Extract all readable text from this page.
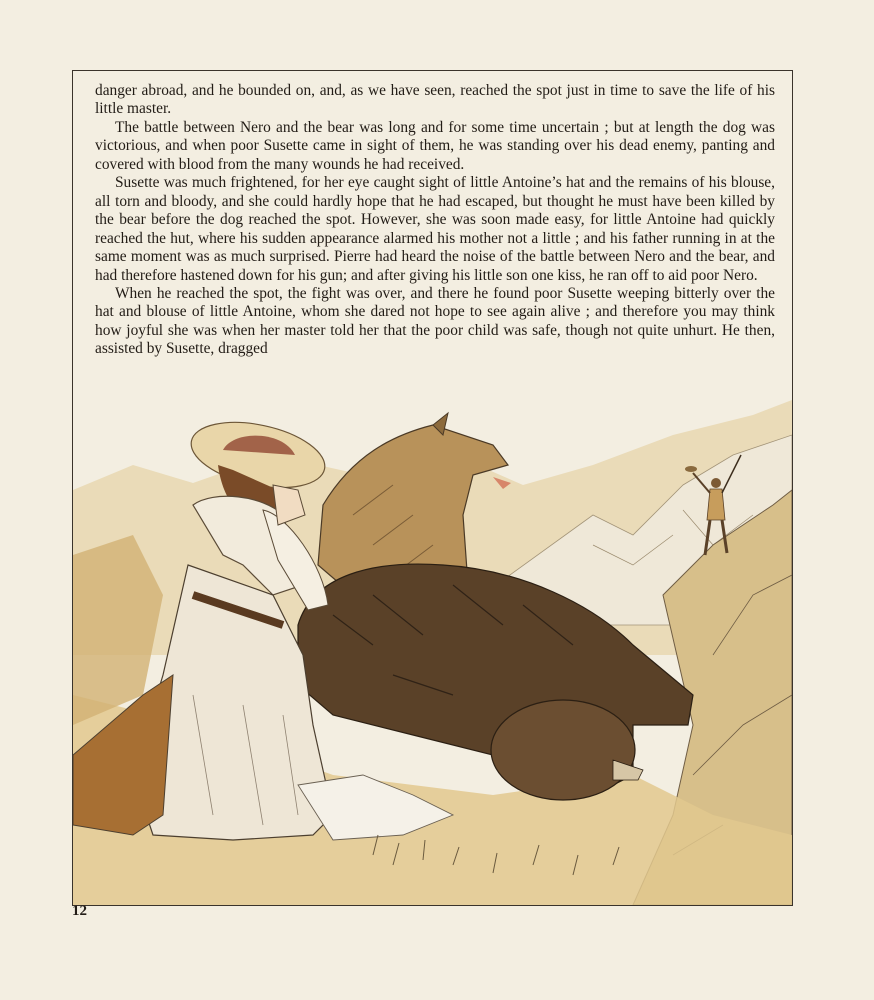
danger abroad, and he bounded on, and, as we have seen, reached the spot just in time to save the life of his little master.

The battle between Nero and the bear was long and for some time uncertain ; but at length the dog was victorious, and when poor Susette came in sight of them, he was standing over his dead enemy, panting and covered with blood from the many wounds he had received.

Susette was much frightened, for her eye caught sight of little Antoine’s hat and the remains of his blouse, all torn and bloody, and she could hardly hope that he had escaped, but thought he must have been killed by the bear before the dog reached the spot. However, she was soon made easy, for little Antoine had quickly reached the hut, where his sudden appearance alarmed his mother not a little ; and his father running in at the same moment was as much surprised. Pierre had heard the noise of the battle between Nero and the bear, and had therefore hastened down for his gun; and after giving his little son one kiss, he ran off to aid poor Nero.

When he reached the spot, the fight was over, and there he found poor Susette weeping bitterly over the hat and blouse of little Antoine, whom she dared not hope to see again alive ; and therefore you may think how joyful she was when her master told her that the poor child was safe, though not quite unhurt. He then, assisted by Susette, dragged

12
